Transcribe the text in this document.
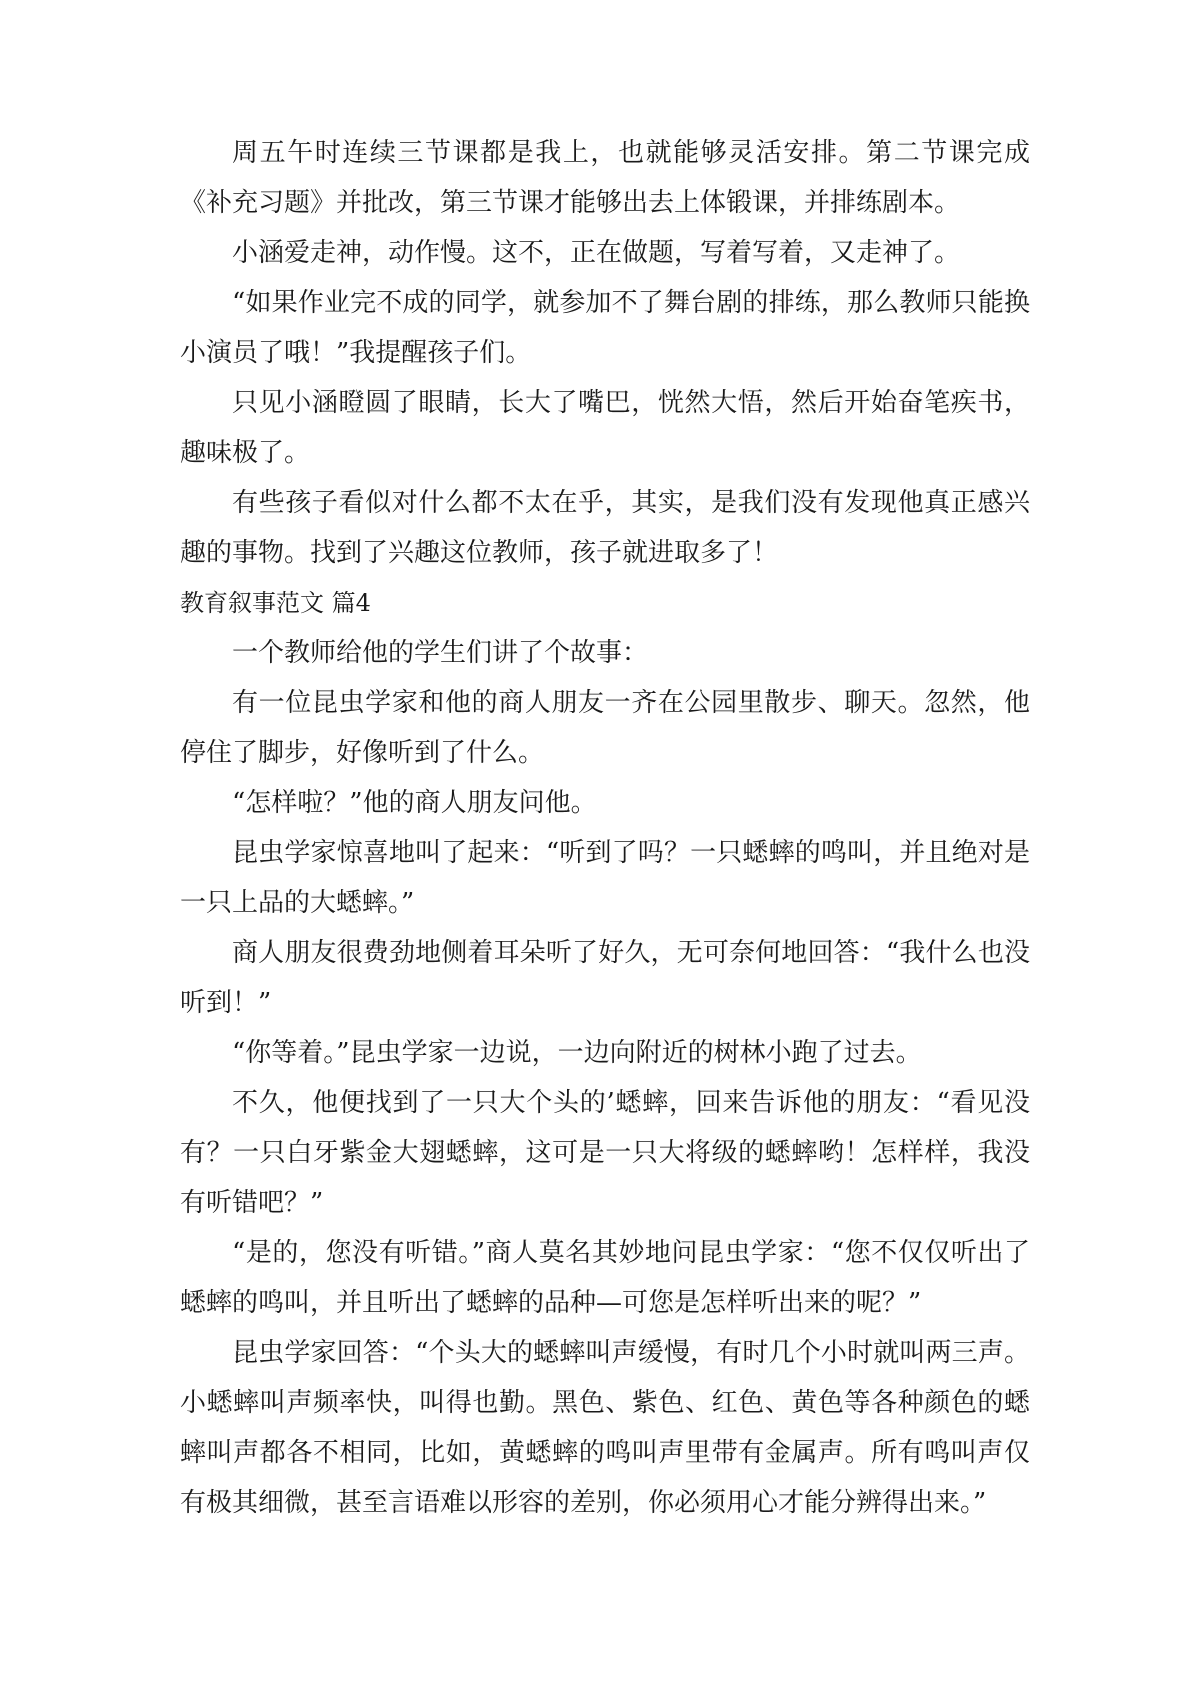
周五午时连续三节课都是我上，也就能够灵活安排。第二节课完成《补充习题》并批改，第三节课才能够出去上体锻课，并排练剧本。

小涵爱走神，动作慢。这不，正在做题，写着写着，又走神了。

“如果作业完不成的同学，就参加不了舞台剧的排练，那么教师只能换小演员了哦！”我提醒孩子们。

只见小涵瞪圆了眼睛，长大了嘴巴，恍然大悟，然后开始奋笔疾书，趣味极了。

有些孩子看似对什么都不太在乎，其实，是我们没有发现他真正感兴趣的事物。找到了兴趣这位教师，孩子就进取多了！

教育叙事范文 篇4

一个教师给他的学生们讲了个故事：

有一位昆虫学家和他的商人朋友一齐在公园里散步、聊天。忽然，他停住了脚步，好像听到了什么。

“怎样啦？”他的商人朋友问他。

昆虫学家惊喜地叫了起来：“听到了吗？一只蟋蟀的鸣叫，并且绝对是一只上品的大蟋蟀。”

商人朋友很费劲地侧着耳朵听了好久，无可奈何地回答：“我什么也没听到！”

“你等着。”昆虫学家一边说，一边向附近的树林小跑了过去。

不久，他便找到了一只大个头的’蟋蟀，回来告诉他的朋友：“看见没有？一只白牙紫金大翅蟋蟀，这可是一只大将级的蟋蟀哟！怎样样，我没有听错吧？”

“是的，您没有听错。”商人莫名其妙地问昆虫学家：“您不仅仅听出了蟋蟀的鸣叫，并且听出了蟋蟀的品种—可您是怎样听出来的呢？”

昆虫学家回答：“个头大的蟋蟀叫声缓慢，有时几个小时就叫两三声。小蟋蟀叫声频率快，叫得也勤。黑色、紫色、红色、黄色等各种颜色的蟋蟀叫声都各不相同，比如，黄蟋蟀的鸣叫声里带有金属声。所有鸣叫声仅有极其细微，甚至言语难以形容的差别，你必须用心才能分辨得出来。”
